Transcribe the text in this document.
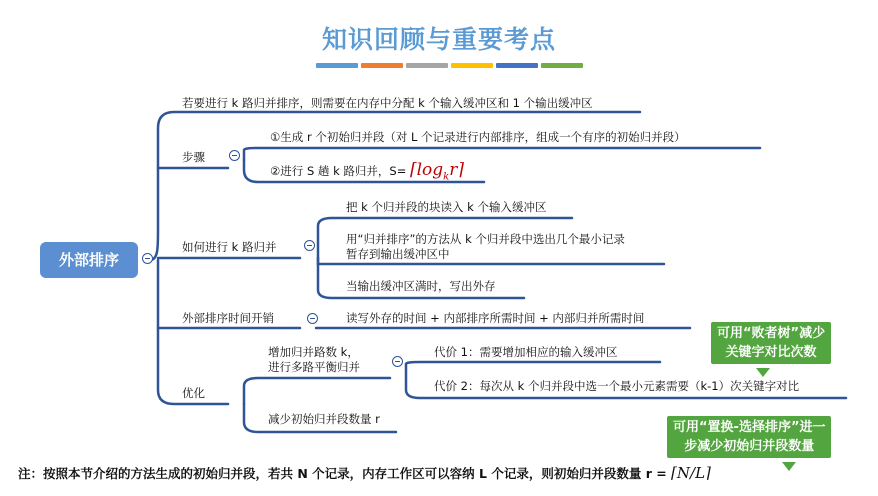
知识回顾与重要考点
外部排序
若要进行 k 路归并排序，则需要在内存中分配 k 个输入缓冲区和 1 个输出缓冲区
步骤
①生成 r 个初始归并段（对 L 个记录进行内部排序，组成一个有序的初始归并段）
②进行 S 趟 k 路归并，$S= ⌈\log_kr⌉$
如何进行 k 路归并
把 k 个归并段的块读入 k 个输入缓冲区
用“归并排序”的方法从 k 个归并段中选出几个最小记录
暂存到输出缓冲区中
当输出缓冲区满时，写出外存
外部排序时间开销	读写外存的时间 + 内部排序所需时间 + 内部归并所需时间
优化
增加归并路数 k，
进行多路平衡归并
代价 1：需要增加相应的输入缓冲区
代价 2：每次从 k 个归并段中选一个最小元素需要（k-1）次关键字对比
减少初始归并段数量 r
可用“败者树”减少
关键字对比次数
可用“置换-选择排序”进一
步减少初始归并段数量
注：按照本节介绍的方法生成的初始归并段，若共 N 个记录，内存工作区可以容纳 L 个记录，则初始归并段数量 r = ⌈N/L⌉
